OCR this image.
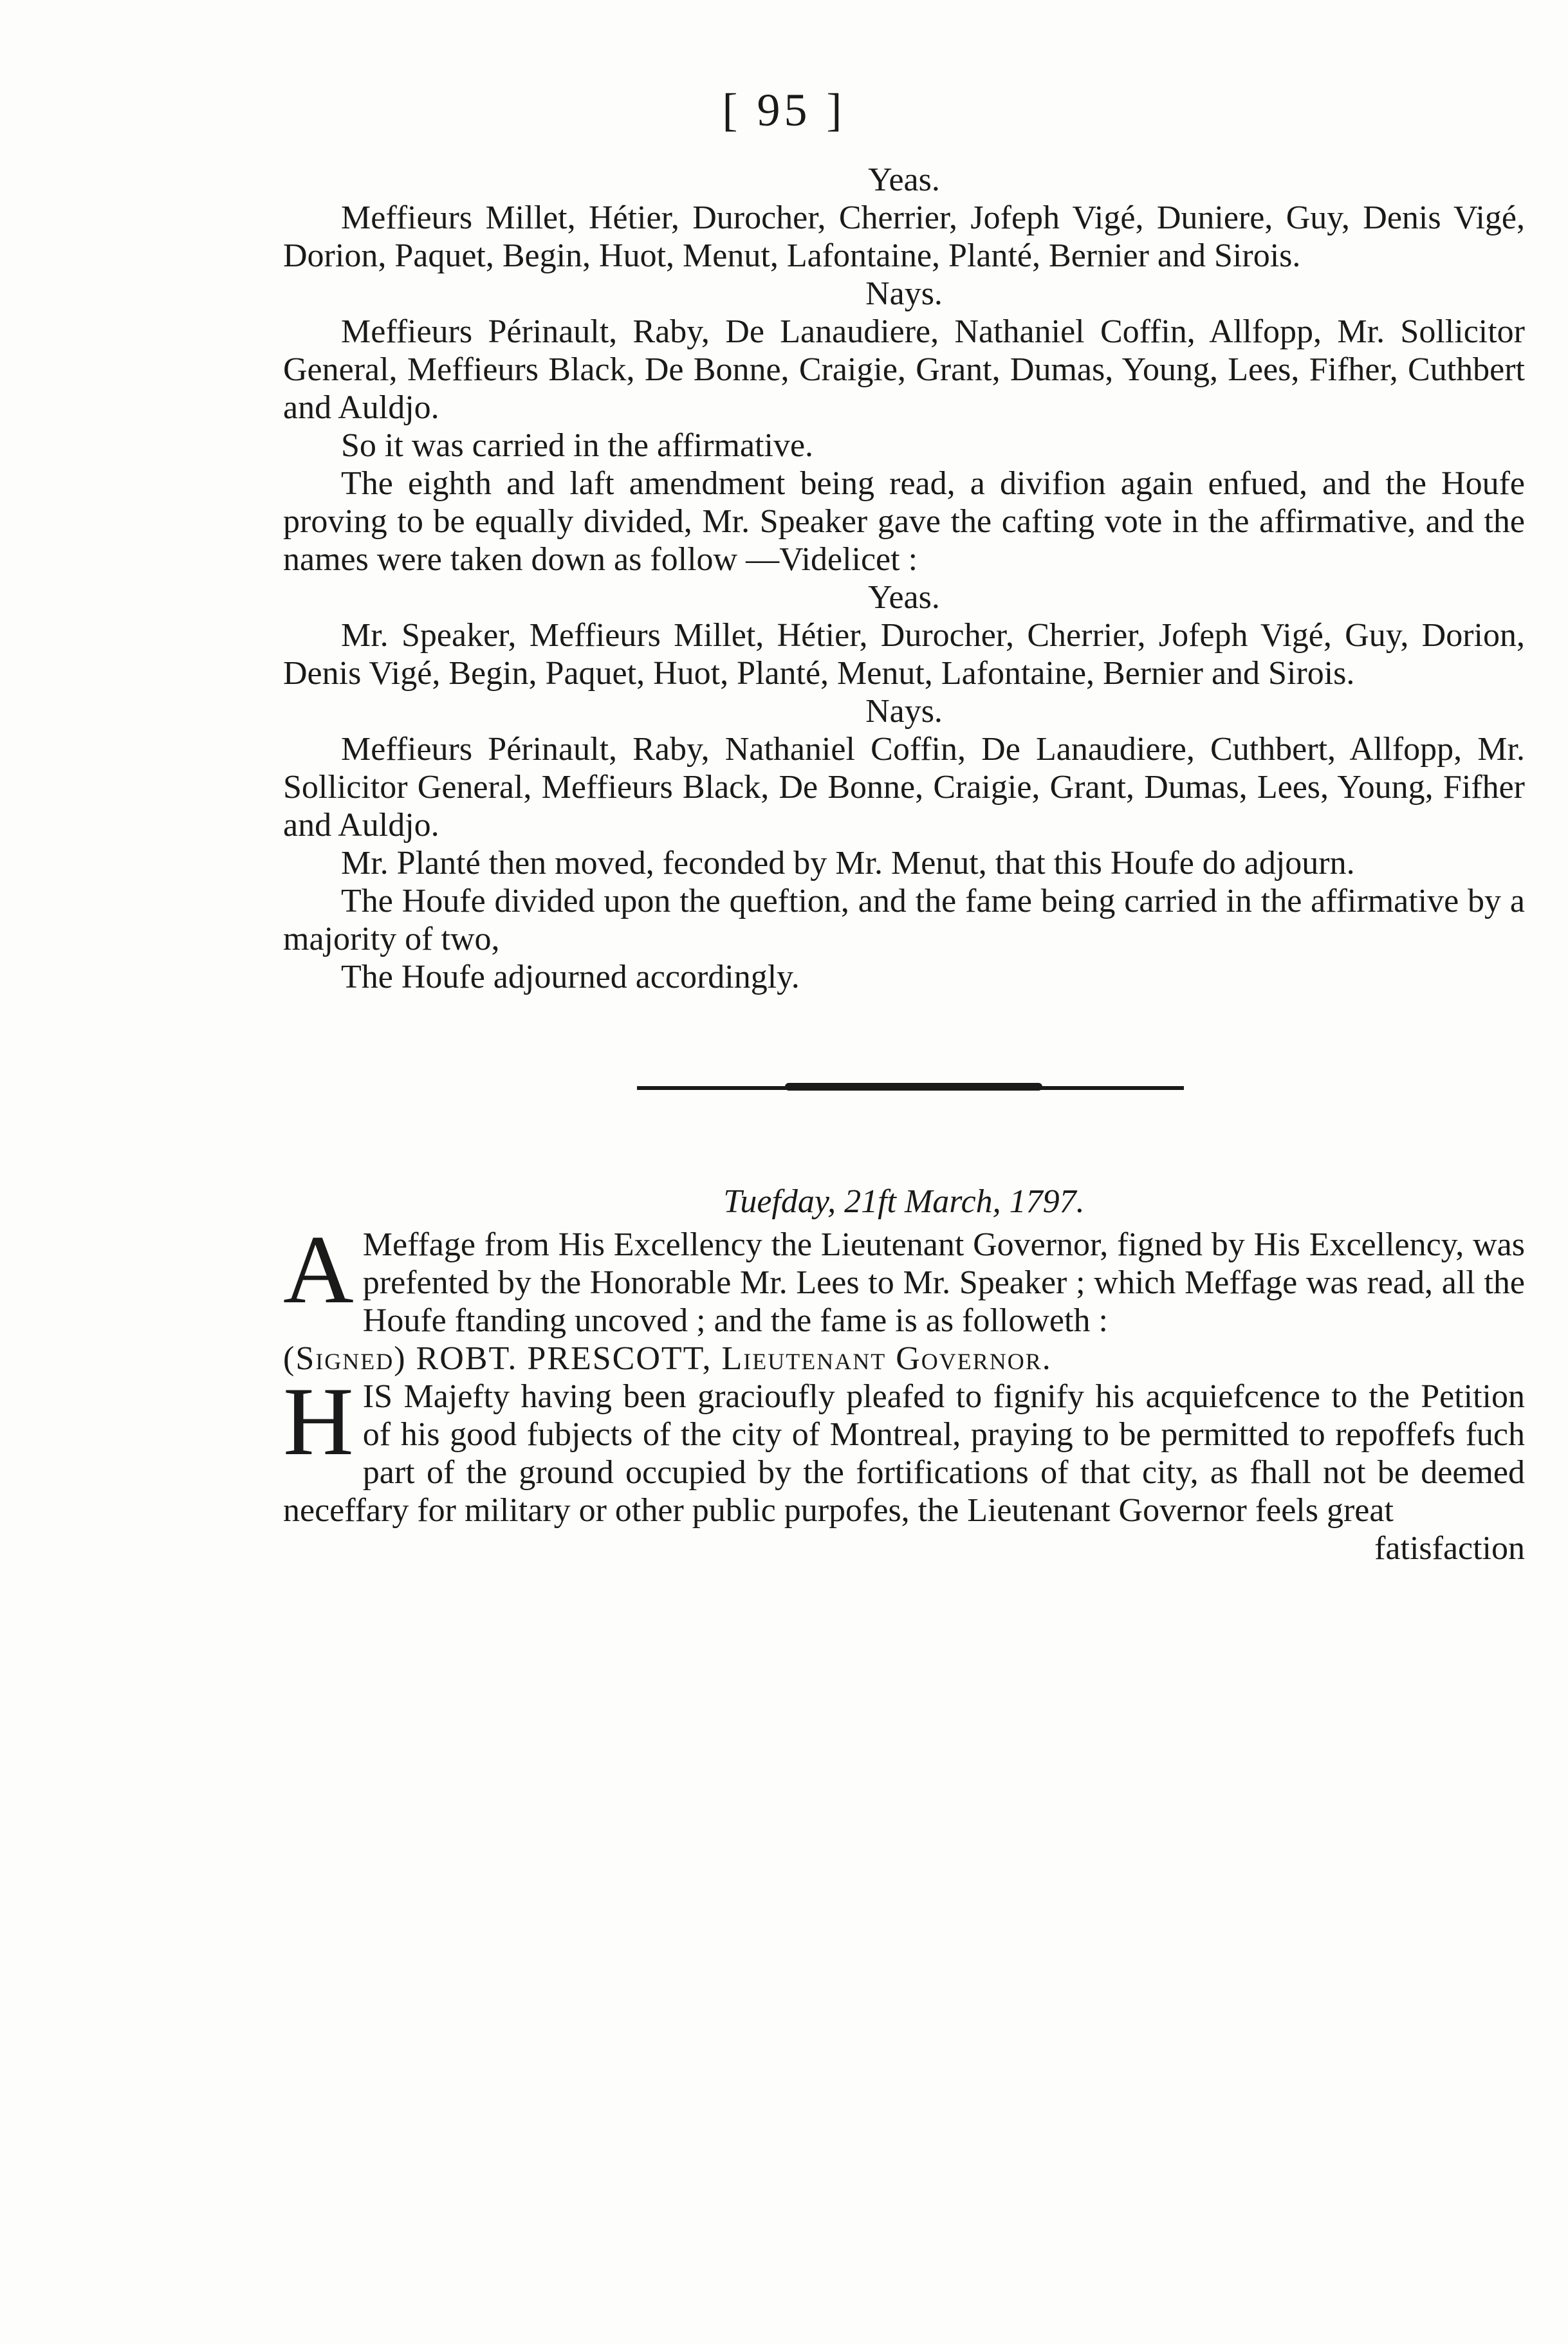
[ 95 ]

Yeas.

Meffieurs Millet, Hétier, Durocher, Cherrier, Jofeph Vigé, Duniere, Guy, Denis Vigé, Dorion, Paquet, Begin, Huot, Menut, Lafontaine, Planté, Bernier and Sirois.

Nays.

Meffieurs Périnault, Raby, De Lanaudiere, Nathaniel Coffin, Allfopp, Mr. Sollicitor General, Meffieurs Black, De Bonne, Craigie, Grant, Dumas, Young, Lees, Fifher, Cuthbert and Auldjo.

So it was carried in the affirmative.

The eighth and laft amendment being read, a divifion again enfued, and the Houfe proving to be equally divided, Mr. Speaker gave the cafting vote in the affirmative, and the names were taken down as follow —Videlicet :

Yeas.

Mr. Speaker, Meffieurs Millet, Hétier, Durocher, Cherrier, Jofeph Vigé, Guy, Dorion, Denis Vigé, Begin, Paquet, Huot, Planté, Menut, Lafontaine, Bernier and Sirois.

Nays.

Meffieurs Périnault, Raby, Nathaniel Coffin, De Lanaudiere, Cuthbert, Allfopp, Mr. Sollicitor General, Meffieurs Black, De Bonne, Craigie, Grant, Dumas, Lees, Young, Fifher and Auldjo.

Mr. Planté then moved, feconded by Mr. Menut, that this Houfe do adjourn.

The Houfe divided upon the queftion, and the fame being carried in the affirmative by a majority of two,

The Houfe adjourned accordingly.

Tuefday, 21ft March, 1797.

A Meffage from His Excellency the Lieutenant Governor, figned by His Excellency, was prefented by the Honorable Mr. Lees to Mr. Speaker ; which Meffage was read, all the Houfe ftanding uncoved ; and the fame is as followeth :

(Signed) ROBT. PRESCOTT, Lieutenant Governor.

H IS Majefty having been gracioufly pleafed to fignify his acquiefcence to the Petition of his good fubjects of the city of Montreal, praying to be permitted to repoffefs fuch part of the ground occupied by the fortifications of that city, as fhall not be deemed neceffary for military or other public purpofes, the Lieutenant Governor feels great

fatisfaction
